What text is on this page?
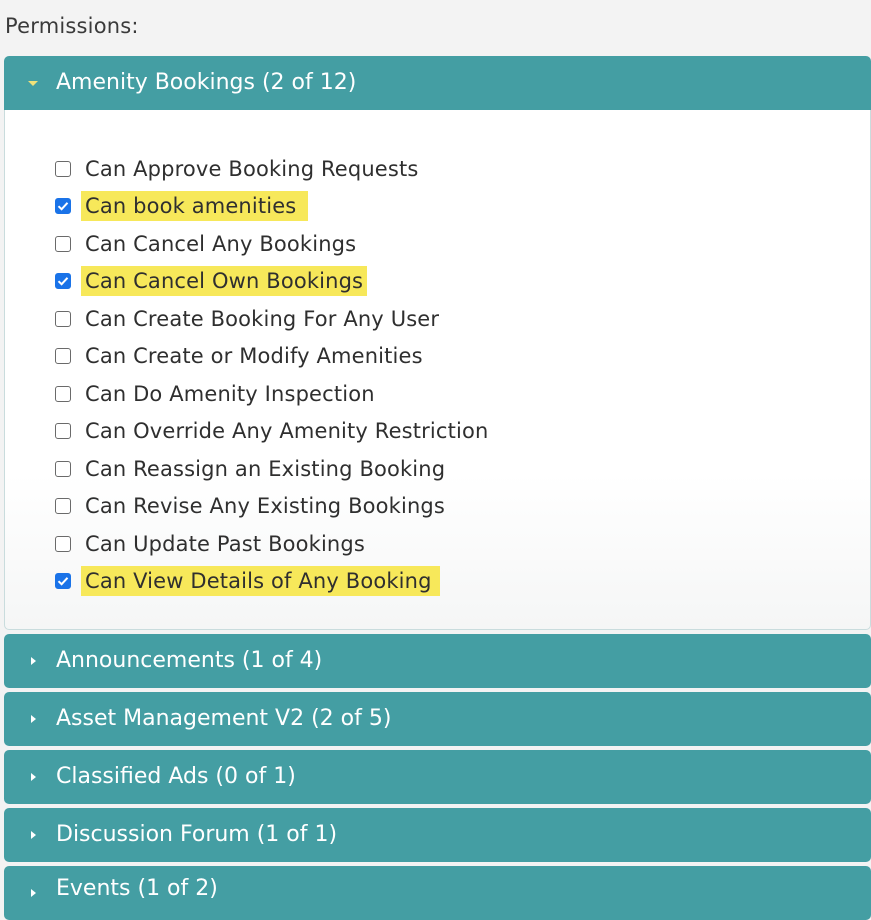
Permissions:
Amenity Bookings (2 of 12)
Can Approve Booking Requests
Can book amenities
Can Cancel Any Bookings
Can Cancel Own Bookings
Can Create Booking For Any User
Can Create or Modify Amenities
Can Do Amenity Inspection
Can Override Any Amenity Restriction
Can Reassign an Existing Booking
Can Revise Any Existing Bookings
Can Update Past Bookings
Can View Details of Any Booking
Announcements (1 of 4)
Asset Management V2 (2 of 5)
Classified Ads (0 of 1)
Discussion Forum (1 of 1)
Events (1 of 2)
